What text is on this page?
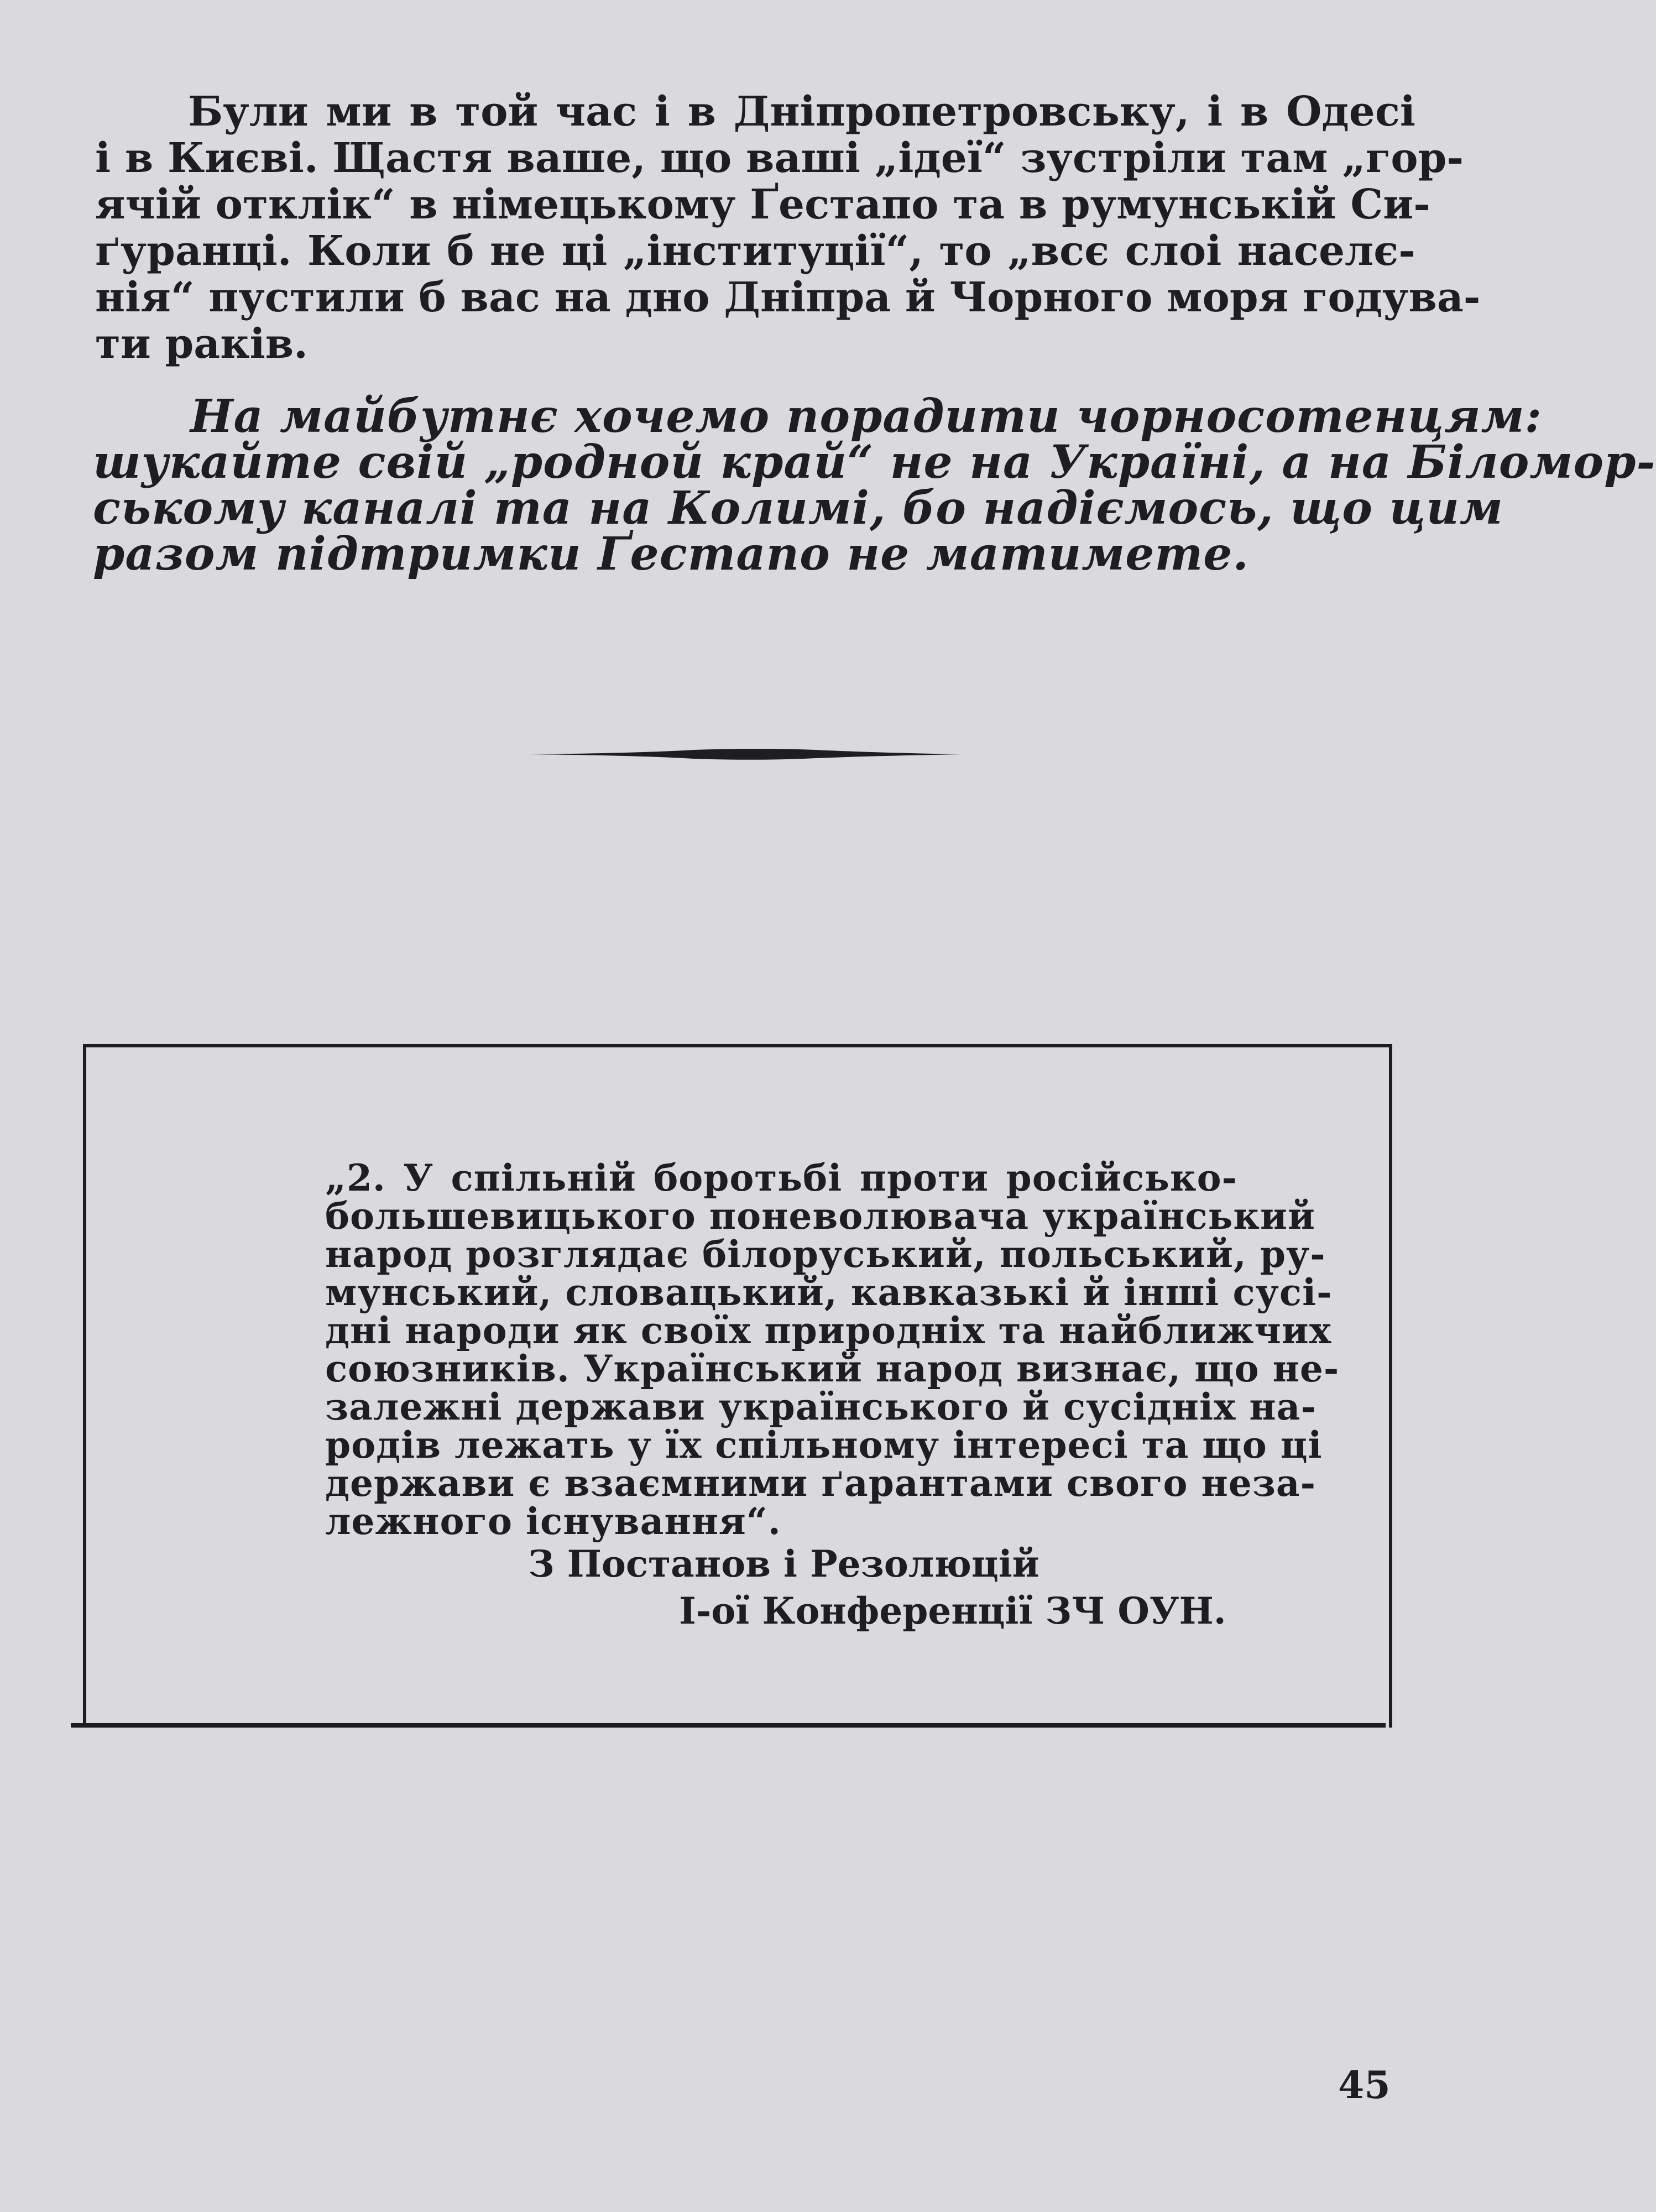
Були ми в той час і в Дніпропетровську, і в Одесі
і в Києві. Щастя ваше, що ваші „ідеї“ зустріли там „гор-
ячій отклік“ в німецькому Ґестапо та в румунській Си-
ґуранці. Коли б не ці „інституції“, то „всє слоі населє-
нія“ пустили б вас на дно Дніпра й Чорного моря годува-
ти раків.

На майбутнє хочемо порадити чорносотенцям:
шукайте свій „родной край“ не на Україні, а на Біломор-
ському каналі та на Колимі, бо надіємось, що цим
разом підтримки Ґестапо не матимете.

„2. У спільній боротьбі проти російсько-
большевицького поневолювача український
народ розглядає білоруський, польський, ру-
мунський, словацький, кавказькі й інші сусі-
дні народи як своїх природніх та найближчих
союзників. Український народ визнає, що не-
залежні держави українського й сусідніх на-
родів лежать у їх спільному інтересі та що ці
держави є взаємними ґарантами свого неза-
лежного існування“.

З Постанов і Резолюцій
І-ої Конференції ЗЧ ОУН.
45
